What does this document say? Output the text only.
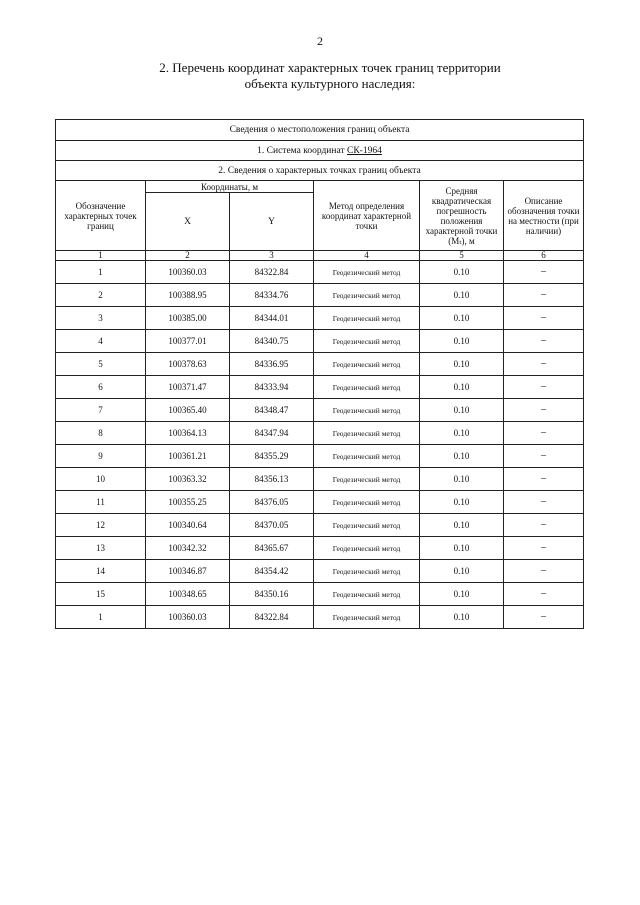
2
2. Перечень координат характерных точек границ территории
объекта культурного наследия:
Сведения о местоположения границ объекта					
1. Система координат СК-1964					
2. Сведения о характерных точках границ объекта					
Обозначение характерных точек границ	Координаты, м		Метод определения координат характерной точки	Средняя квадратическая погрешность положения характерной точки (Mₜ), м	Описание обозначения точки на местности (при наличии)
	X	Y			
1	2	3	4	5	6
1	100360.03	84322.84	Геодезический метод	0.10	–
2	100388.95	84334.76	Геодезический метод	0.10	–
3	100385.00	84344.01	Геодезический метод	0.10	–
4	100377.01	84340.75	Геодезический метод	0.10	–
5	100378.63	84336.95	Геодезический метод	0.10	–
6	100371.47	84333.94	Геодезический метод	0.10	–
7	100365.40	84348.47	Геодезический метод	0.10	–
8	100364.13	84347.94	Геодезический метод	0.10	–
9	100361.21	84355.29	Геодезический метод	0.10	–
10	100363.32	84356.13	Геодезический метод	0.10	–
11	100355.25	84376.05	Геодезический метод	0.10	–
12	100340.64	84370.05	Геодезический метод	0.10	–
13	100342.32	84365.67	Геодезический метод	0.10	–
14	100346.87	84354.42	Геодезический метод	0.10	–
15	100348.65	84350.16	Геодезический метод	0.10	–
1	100360.03	84322.84	Геодезический метод	0.10	–
